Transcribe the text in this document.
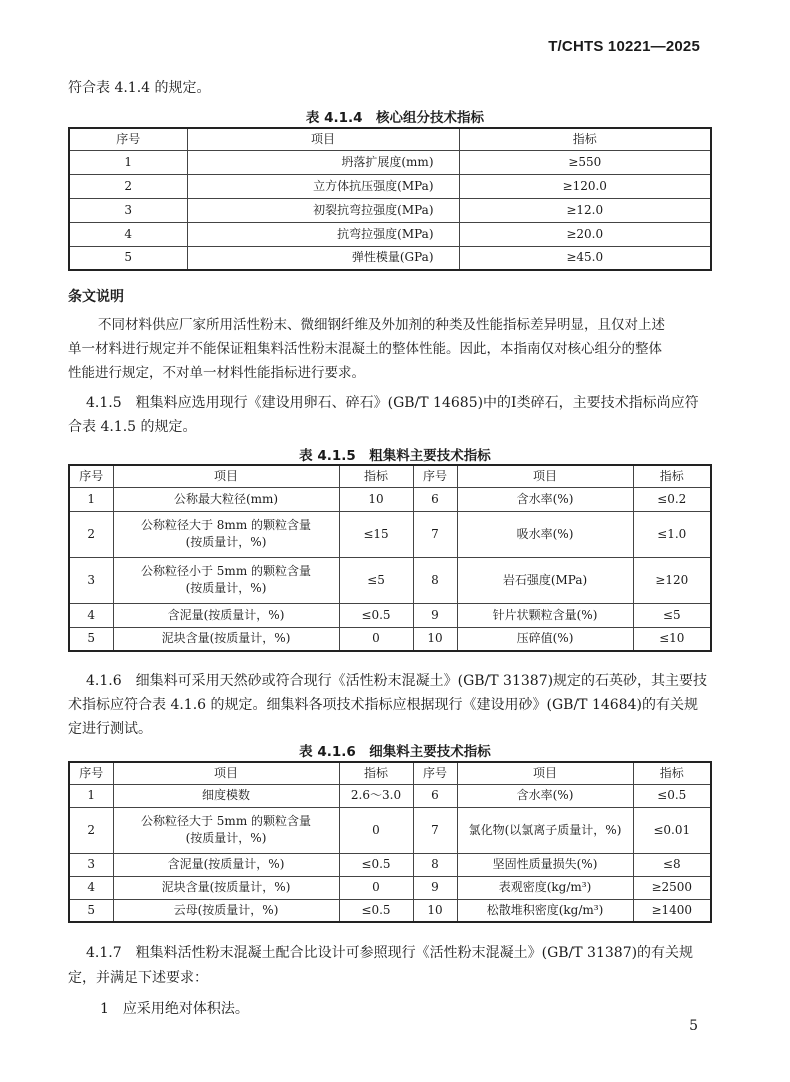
T/CHTS 10221—2025
符合表 4.1.4 的规定。
表 4.1.4　核心组分技术指标
序号	项目	指标
1	坍落扩展度(mm)	≥550
2	立方体抗压强度(MPa)	≥120.0
3	初裂抗弯拉强度(MPa)	≥12.0
4	抗弯拉强度(MPa)	≥20.0
5	弹性模量(GPa)	≥45.0
条文说明
不同材料供应厂家所用活性粉末、微细钢纤维及外加剂的种类及性能指标差异明显，且仅对上述
单一材料进行规定并不能保证粗集料活性粉末混凝土的整体性能。因此，本指南仅对核心组分的整体
性能进行规定，不对单一材料性能指标进行要求。
4.1.5　粗集料应选用现行《建设用卵石、碎石》(GB/T 14685)中的Ⅰ类碎石，主要技术指标尚应符
合表 4.1.5 的规定。
表 4.1.5　粗集料主要技术指标
序号	项目	指标	序号	项目	指标
1	公称最大粒径(mm)	10	6	含水率(%)	≤0.2
2	公称粒径大于 8mm 的颗粒含量
(按质量计，%)	≤15	7	吸水率(%)	≤1.0
3	公称粒径小于 5mm 的颗粒含量
(按质量计，%)	≤5	8	岩石强度(MPa)	≥120
4	含泥量(按质量计，%)	≤0.5	9	针片状颗粒含量(%)	≤5
5	泥块含量(按质量计，%)	0	10	压碎值(%)	≤10
4.1.6　细集料可采用天然砂或符合现行《活性粉末混凝土》(GB/T 31387)规定的石英砂，其主要技
术指标应符合表 4.1.6 的规定。细集料各项技术指标应根据现行《建设用砂》(GB/T 14684)的有关规
定进行测试。
表 4.1.6　细集料主要技术指标
序号	项目	指标	序号	项目	指标
1	细度模数	2.6～3.0	6	含水率(%)	≤0.5
2	公称粒径大于 5mm 的颗粒含量
(按质量计，%)	0	7	氯化物(以氯离子质量计，%)	≤0.01
3	含泥量(按质量计，%)	≤0.5	8	坚固性质量损失(%)	≤8
4	泥块含量(按质量计，%)	0	9	表观密度(kg/m³)	≥2500
5	云母(按质量计，%)	≤0.5	10	松散堆积密度(kg/m³)	≥1400
4.1.7　粗集料活性粉末混凝土配合比设计可参照现行《活性粉末混凝土》(GB/T 31387)的有关规
定，并满足下述要求：
1　应采用绝对体积法。
5
